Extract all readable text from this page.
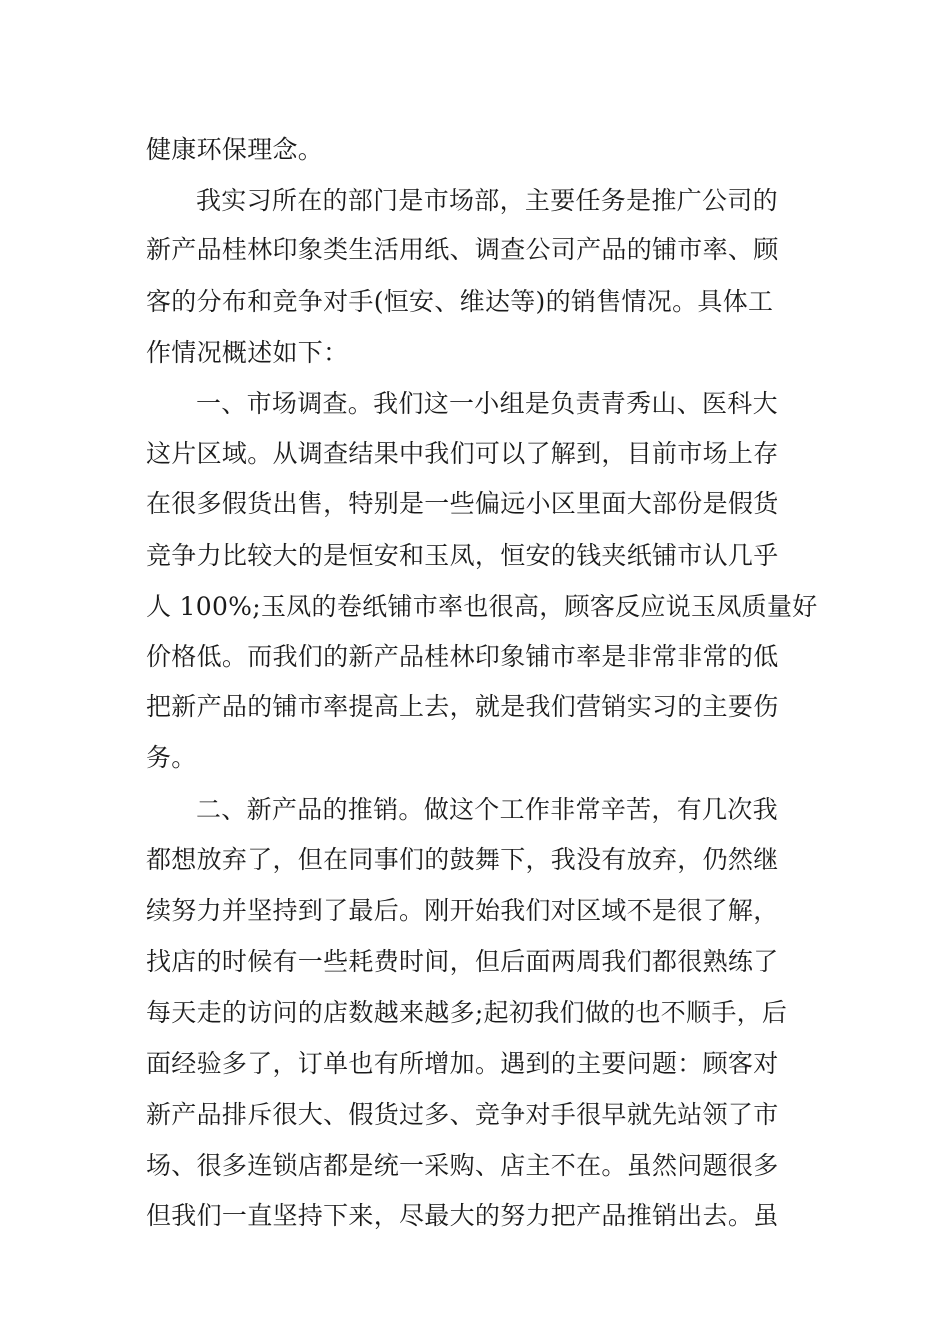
健康环保理念。
我实习所在的部门是市场部，主要任务是推广公司的
新产品桂林印象类生活用纸、调查公司产品的铺市率、顾
客的分布和竞争对手(恒安、维达等)的销售情况。具体工
作情况概述如下：
一、市场调查。我们这一小组是负责青秀山、医科大
这片区域。从调查结果中我们可以了解到，目前市场上存
在很多假货出售，特别是一些偏远小区里面大部份是假货
竞争力比较大的是恒安和玉凤，恒安的钱夹纸铺市认几乎
人 100%;玉凤的卷纸铺市率也很高，顾客反应说玉凤质量好
价格低。而我们的新产品桂林印象铺市率是非常非常的低
把新产品的铺市率提高上去，就是我们营销实习的主要伤
务。
二、新产品的推销。做这个工作非常辛苦，有几次我
都想放弃了，但在同事们的鼓舞下，我没有放弃，仍然继
续努力并坚持到了最后。刚开始我们对区域不是很了解，
找店的时候有一些耗费时间，但后面两周我们都很熟练了
每天走的访问的店数越来越多;起初我们做的也不顺手，后
面经验多了，订单也有所增加。遇到的主要问题：顾客对
新产品排斥很大、假货过多、竞争对手很早就先站领了市
场、很多连锁店都是统一采购、店主不在。虽然问题很多
但我们一直坚持下来，尽最大的努力把产品推销出去。虽
